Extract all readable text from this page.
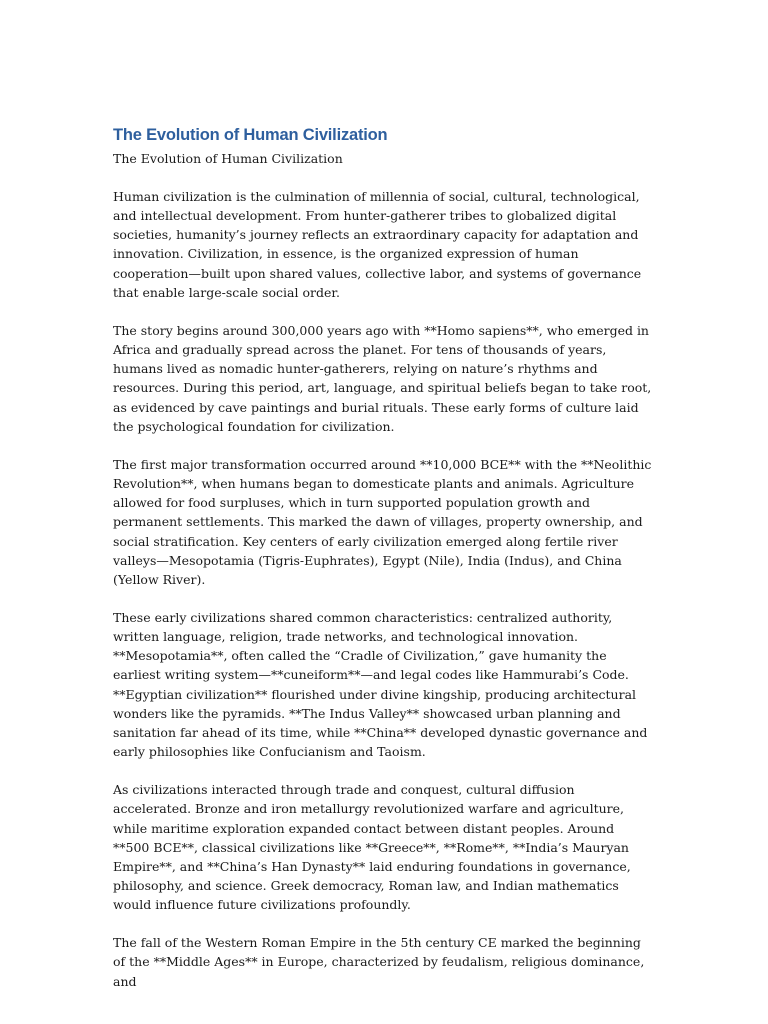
The Evolution of Human Civilization
The Evolution of Human Civilization

Human civilization is the culmination of millennia of social, cultural, technological, and intellectual development. From hunter-gatherer tribes to globalized digital societies, humanity’s journey reflects an extraordinary capacity for adaptation and innovation. Civilization, in essence, is the organized expression of human cooperation—built upon shared values, collective labor, and systems of governance that enable large-scale social order.

The story begins around 300,000 years ago with **Homo sapiens**, who emerged in Africa and gradually spread across the planet. For tens of thousands of years, humans lived as nomadic hunter-gatherers, relying on nature’s rhythms and resources. During this period, art, language, and spiritual beliefs began to take root, as evidenced by cave paintings and burial rituals. These early forms of culture laid the psychological foundation for civilization.

The first major transformation occurred around **10,000 BCE** with the **Neolithic Revolution**, when humans began to domesticate plants and animals. Agriculture allowed for food surpluses, which in turn supported population growth and permanent settlements. This marked the dawn of villages, property ownership, and social stratification. Key centers of early civilization emerged along fertile river valleys—Mesopotamia (Tigris-Euphrates), Egypt (Nile), India (Indus), and China (Yellow River).

These early civilizations shared common characteristics: centralized authority, written language, religion, trade networks, and technological innovation. **Mesopotamia**, often called the “Cradle of Civilization,” gave humanity the earliest writing system—**cuneiform**—and legal codes like Hammurabi’s Code. **Egyptian civilization** flourished under divine kingship, producing architectural wonders like the pyramids. **The Indus Valley** showcased urban planning and sanitation far ahead of its time, while **China** developed dynastic governance and early philosophies like Confucianism and Taoism.

As civilizations interacted through trade and conquest, cultural diffusion accelerated. Bronze and iron metallurgy revolutionized warfare and agriculture, while maritime exploration expanded contact between distant peoples. Around **500 BCE**, classical civilizations like **Greece**, **Rome**, **India’s Mauryan Empire**, and **China’s Han Dynasty** laid enduring foundations in governance, philosophy, and science. Greek democracy, Roman law, and Indian mathematics would influence future civilizations profoundly.

The fall of the Western Roman Empire in the 5th century CE marked the beginning of the **Middle Ages** in Europe, characterized by feudalism, religious dominance, and
